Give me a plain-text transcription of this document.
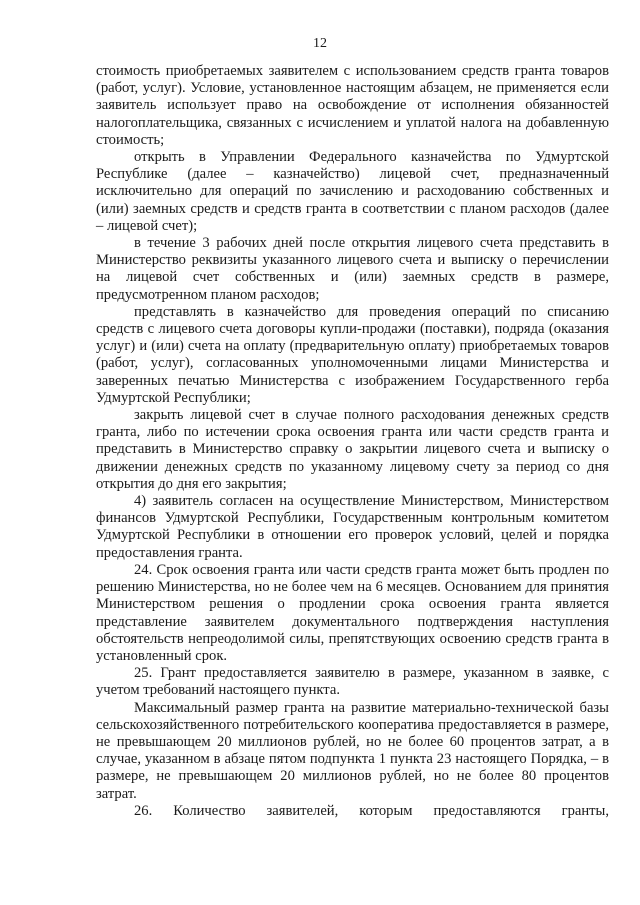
12

стоимость приобретаемых заявителем с использованием средств гранта товаров (работ, услуг). Условие, установленное настоящим абзацем, не применяется если заявитель использует право на освобождение от исполнения обязанностей налогоплательщика, связанных с исчислением и уплатой налога на добавленную стоимость;

открыть в Управлении Федерального казначейства по Удмуртской Республике (далее – казначейство) лицевой счет, предназначенный исключительно для операций по зачислению и расходованию собственных и (или) заемных средств и средств гранта в соответствии с планом расходов (далее – лицевой счет);

в течение 3 рабочих дней после открытия лицевого счета представить в Министерство реквизиты указанного лицевого счета и выписку о перечислении на лицевой счет собственных и (или) заемных средств в размере, предусмотренном планом расходов;

представлять в казначейство для проведения операций по списанию средств с лицевого счета договоры купли-продажи (поставки), подряда (оказания услуг) и (или) счета на оплату (предварительную оплату) приобретаемых товаров (работ, услуг), согласованных уполномоченными лицами Министерства и заверенных печатью Министерства с изображением Государственного герба Удмуртской Республики;

закрыть лицевой счет в случае полного расходования денежных средств гранта, либо по истечении срока освоения гранта или части средств гранта и представить в Министерство справку о закрытии лицевого счета и выписку о движении денежных средств по указанному лицевому счету за период со дня открытия до дня его закрытия;

4) заявитель согласен на осуществление Министерством, Министерством финансов Удмуртской Республики, Государственным контрольным комитетом Удмуртской Республики в отношении его проверок условий, целей и порядка предоставления гранта.

24. Срок освоения гранта или части средств гранта может быть продлен по решению Министерства, но не более чем на 6 месяцев. Основанием для принятия Министерством решения о продлении срока освоения гранта является представление заявителем документального подтверждения наступления обстоятельств непреодолимой силы, препятствующих освоению средств гранта в установленный срок.

25. Грант предоставляется заявителю в размере, указанном в заявке, с учетом требований настоящего пункта.

Максимальный размер гранта на развитие материально-технической базы сельскохозяйственного потребительского кооператива предоставляется в размере, не превышающем 20 миллионов рублей, но не более 60 процентов затрат, а в случае, указанном в абзаце пятом подпункта 1 пункта 23 настоящего Порядка, – в размере, не превышающем 20 миллионов рублей, но не более 80 процентов затрат.

26. Количество заявителей, которым предоставляются гранты,
